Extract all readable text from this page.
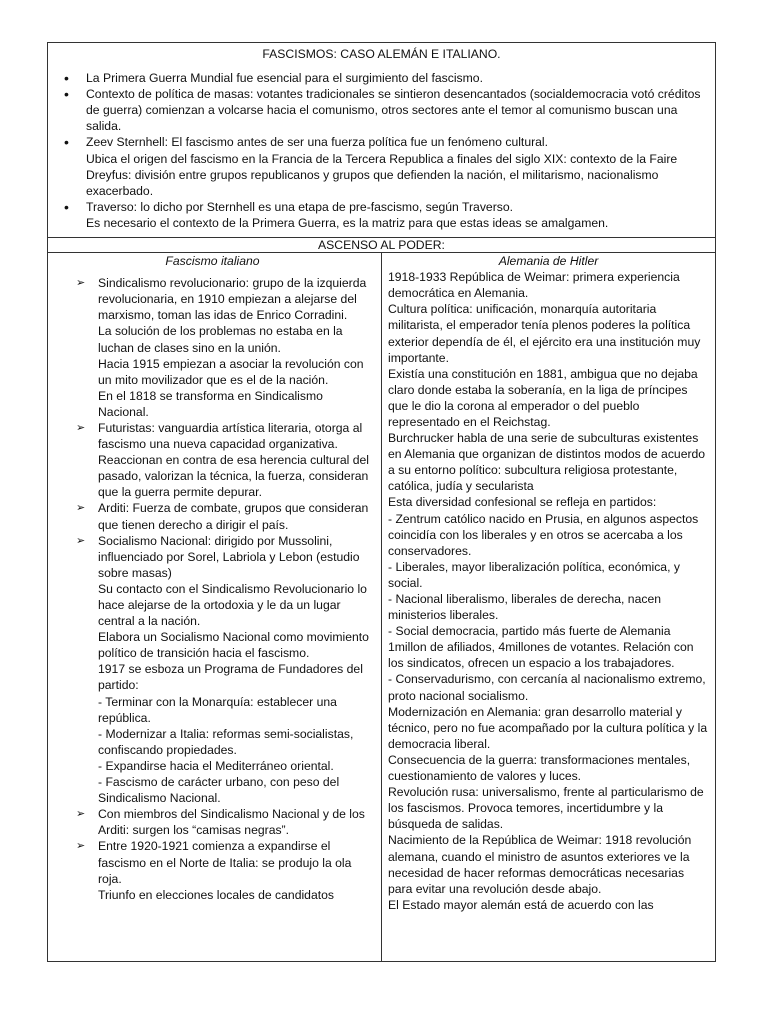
FASCISMOS: CASO ALEMÁN E ITALIANO.
• La Primera Guerra Mundial fue esencial para el surgimiento del fascismo.
• Contexto de política de masas: votantes tradicionales se sintieron desencantados (socialdemocracia votó créditos de guerra) comienzan a volcarse hacia el comunismo, otros sectores ante el temor al comunismo buscan una salida.
• Zeev Sternhell: El fascismo antes de ser una fuerza política fue un fenómeno cultural.
Ubica el origen del fascismo en la Francia de la Tercera Republica a finales del siglo XIX: contexto de la Faire Dreyfus: división entre grupos republicanos y grupos que defienden la nación, el militarismo, nacionalismo exacerbado.
• Traverso: lo dicho por Sternhell es una etapa de pre-fascismo, según Traverso.
Es necesario el contexto de la Primera Guerra, es la matriz para que estas ideas se amalgamen.

ASCENSO AL PODER:

Fascismo italiano
➢ Sindicalismo revolucionario: grupo de la izquierda revolucionaria, en 1910 empiezan a alejarse del marxismo, toman las idas de Enrico Corradini.
La solución de los problemas no estaba en la luchan de clases sino en la unión.
Hacia 1915 empiezan a asociar la revolución con un mito movilizador que es el de la nación.
En el 1818 se transforma en Sindicalismo Nacional.
➢ Futuristas: vanguardia artística literaria, otorga al fascismo una nueva capacidad organizativa.
Reaccionan en contra de esa herencia cultural del pasado, valorizan la técnica, la fuerza, consideran que la guerra permite depurar.
➢ Arditi: Fuerza de combate, grupos que consideran que tienen derecho a dirigir el país.
➢ Socialismo Nacional: dirigido por Mussolini, influenciado por Sorel, Labriola y Lebon (estudio sobre masas)
Su contacto con el Sindicalismo Revolucionario lo hace alejarse de la ortodoxia y le da un lugar central a la nación.
Elabora un Socialismo Nacional como movimiento político de transición hacia el fascismo.
1917 se esboza un Programa de Fundadores del partido:
- Terminar con la Monarquía: establecer una república.
- Modernizar a Italia: reformas semi-socialistas, confiscando propiedades.
- Expandirse hacia el Mediterráneo oriental.
- Fascismo de carácter urbano, con peso del Sindicalismo Nacional.
➢ Con miembros del Sindicalismo Nacional y de los Arditi: surgen los “camisas negras”.
➢ Entre 1920-1921 comienza a expandirse el fascismo en el Norte de Italia: se produjo la ola roja.
Triunfo en elecciones locales de candidatos

Alemania de Hitler
1918-1933 República de Weimar: primera experiencia democrática en Alemania.
Cultura política: unificación, monarquía autoritaria militarista, el emperador tenía plenos poderes la política exterior dependía de él, el ejército era una institución muy importante.
Existía una constitución en 1881, ambigua que no dejaba claro donde estaba la soberanía, en la liga de príncipes que le dio la corona al emperador o del pueblo representado en el Reichstag.
Burchrucker habla de una serie de subculturas existentes en Alemania que organizan de distintos modos de acuerdo a su entorno político: subcultura religiosa protestante, católica, judía y secularista
Esta diversidad confesional se refleja en partidos:
- Zentrum católico nacido en Prusia, en algunos aspectos coincidía con los liberales y en otros se acercaba a los conservadores.
- Liberales, mayor liberalización política, económica, y social.
- Nacional liberalismo, liberales de derecha, nacen ministerios liberales.
- Social democracia, partido más fuerte de Alemania 1millon de afiliados, 4millones de votantes. Relación con los sindicatos, ofrecen un espacio a los trabajadores.
- Conservadurismo, con cercanía al nacionalismo extremo, proto nacional socialismo.
Modernización en Alemania: gran desarrollo material y técnico, pero no fue acompañado por la cultura política y la democracia liberal.
Consecuencia de la guerra: transformaciones mentales, cuestionamiento de valores y luces.
Revolución rusa: universalismo, frente al particularismo de los fascismos. Provoca temores, incertidumbre y la búsqueda de salidas.
Nacimiento de la República de Weimar: 1918 revolución alemana, cuando el ministro de asuntos exteriores ve la necesidad de hacer reformas democráticas necesarias para evitar una revolución desde abajo.
El Estado mayor alemán está de acuerdo con las
